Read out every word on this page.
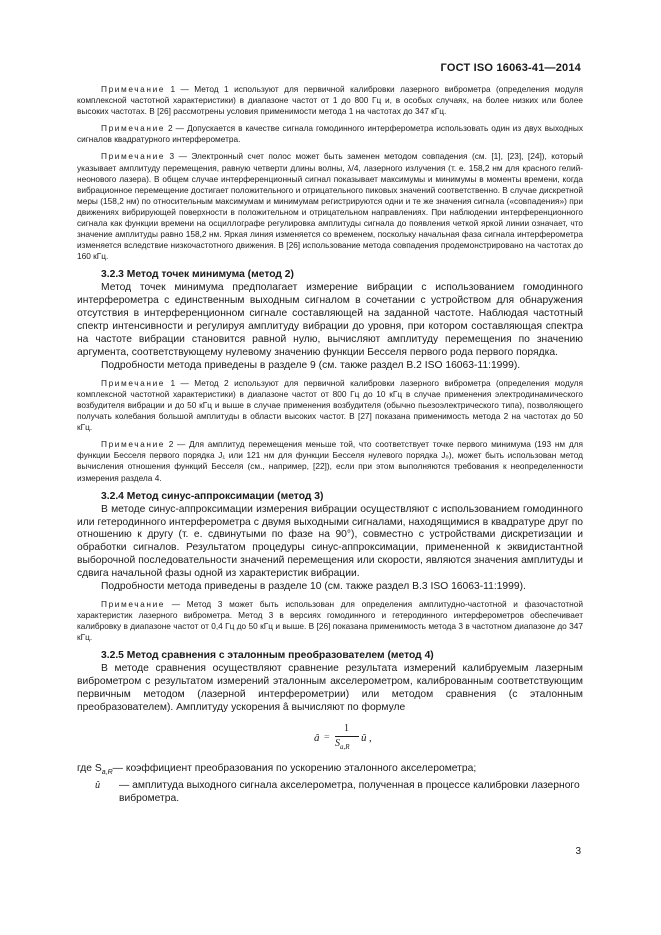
ГОСТ ISO 16063-41—2014

Примечание 1 — Метод 1 используют для первичной калибровки лазерного виброметра (определения модуля комплексной частотной характеристики) в диапазоне частот от 1 до 800 Гц и, в особых случаях, на более низких или более высоких частотах. В [26] рассмотрены условия применимости метода 1 на частотах до 347 кГц.

Примечание 2 — Допускается в качестве сигнала гомодинного интерферометра использовать один из двух выходных сигналов квадратурного интерферометра.

Примечание 3 — Электронный счет полос может быть заменен методом совпадения (см. [1], [23], [24]), который указывает амплитуду перемещения, равную четверти длины волны, λ/4, лазерного излучения (т. е. 158,2 нм для красного гелий-неонового лазера). В общем случае интерференционный сигнал показывает максимумы и минимумы в моменты времени, когда вибрационное перемещение достигает положительного и отрицательного пиковых значений соответственно. В случае дискретной меры (158,2 нм) по относительным максимумам и минимумам регистрируются одни и те же значения сигнала («совпадения») при движениях вибрирующей поверхности в положительном и отрицательном направлениях. При наблюдении интерференционного сигнала как функции времени на осциллографе регулировка амплитуды сигнала до появления четкой яркой линии означает, что значение амплитуды равно 158,2 нм. Яркая линия изменяется со временем, поскольку начальная фаза сигнала интерферометра изменяется вследствие низкочастотного движения. В [26] использование метода совпадения продемонстрировано на частотах до 160 кГц.

3.2.3 Метод точек минимума (метод 2)

Метод точек минимума предполагает измерение вибрации с использованием гомодинного интерферометра с единственным выходным сигналом в сочетании с устройством для обнаружения отсутствия в интерференционном сигнале составляющей на заданной частоте. Наблюдая частотный спектр интенсивности и регулируя амплитуду вибрации до уровня, при котором составляющая спектра на частоте вибрации становится равной нулю, вычисляют амплитуду перемещения по значению аргумента, соответствующему нулевому значению функции Бесселя первого рода первого порядка.

Подробности метода приведены в разделе 9 (см. также раздел В.2 ISO 16063-11:1999).

Примечание 1 — Метод 2 используют для первичной калибровки лазерного виброметра (определения модуля комплексной частотной характеристики) в диапазоне частот от 800 Гц до 10 кГц в случае применения электродинамического возбудителя вибрации и до 50 кГц и выше в случае применения возбудителя (обычно пьезоэлектрического типа), позволяющего получать колебания большой амплитуды в области высоких частот. В [27] показана применимость метода 2 на частотах до 50 кГц.

Примечание 2 — Для амплитуд перемещения меньше той, что соответствует точке первого минимума (193 нм для функции Бесселя первого порядка J₁ или 121 нм для функции Бесселя нулевого порядка J₀), может быть использован метод вычисления отношения функций Бесселя (см., например, [22]), если при этом выполняются требования к неопределенности измерения раздела 4.

3.2.4 Метод синус-аппроксимации (метод 3)

В методе синус-аппроксимации измерения вибрации осуществляют с использованием гомодинного или гетеродинного интерферометра с двумя выходными сигналами, находящимися в квадратуре друг по отношению к другу (т. е. сдвинутыми по фазе на 90°), совместно с устройствами дискретизации и обработки сигналов. Результатом процедуры синус-аппроксимации, примененной к эквидистантной выборочной последовательности значений перемещения или скорости, являются значения амплитуды и сдвига начальной фазы одной из характеристик вибрации.

Подробности метода приведены в разделе 10 (см. также раздел В.3 ISO 16063-11:1999).

Примечание — Метод 3 может быть использован для определения амплитудно-частотной и фазочастотной характеристик лазерного виброметра. Метод 3 в версиях гомодинного и гетеродинного интерферометров обеспечивает калибровку в диапазоне частот от 0,4 Гц до 50 кГц и выше. В [26] показана применимость метода 3 в частотном диапазоне до 347 кГц.

3.2.5 Метод сравнения с эталонным преобразователем (метод 4)

В методе сравнения осуществляют сравнение результата измерений калибруемым лазерным виброметром с результатом измерений эталонным акселерометром, калиброванным соответствующим первичным методом (лазерной интерферометрии) или методом сравнения (с эталонным преобразователем). Амплитуду ускорения â вычисляют по формуле

â =
1
$S_{a,R}$
û ,
где $S_{a,R}$ — коэффициент преобразования по ускорению эталонного акселерометра;
û	— амплитуда выходного сигнала акселерометра, полученная в процессе калибровки лазерного виброметра.
3
